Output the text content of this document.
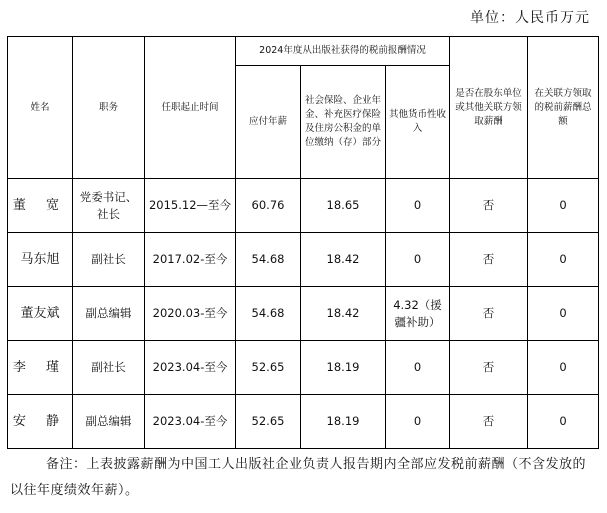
单位：人民币万元
姓名	职务	任职起止时间	2024年度从出版社获得的税前报酬情况			是否在股东单位或其他关联方领取薪酬	在关联方领取的税前薪酬总额
			应付年薪	社会保险、企业年金、补充医疗保险及住房公积金的单位缴纳（存）部分	其他货币性收入		
董 宽	党委书记、社长	2015.12—至今	60.76	18.65	0	否	0
马东旭	副社长	2017.02-至今	54.68	18.42	0	否	0
董友斌	副总编辑	2020.03-至今	54.68	18.42	4.32（援疆补助）	否	0
李 瑾	副社长	2023.04-至今	52.65	18.19	0	否	0
安 静	副总编辑	2023.04-至今	52.65	18.19	0	否	0
备注：上表披露薪酬为中国工人出版社企业负责人报告期内全部应发税前薪酬（不含发放的以往年度绩效年薪）。
